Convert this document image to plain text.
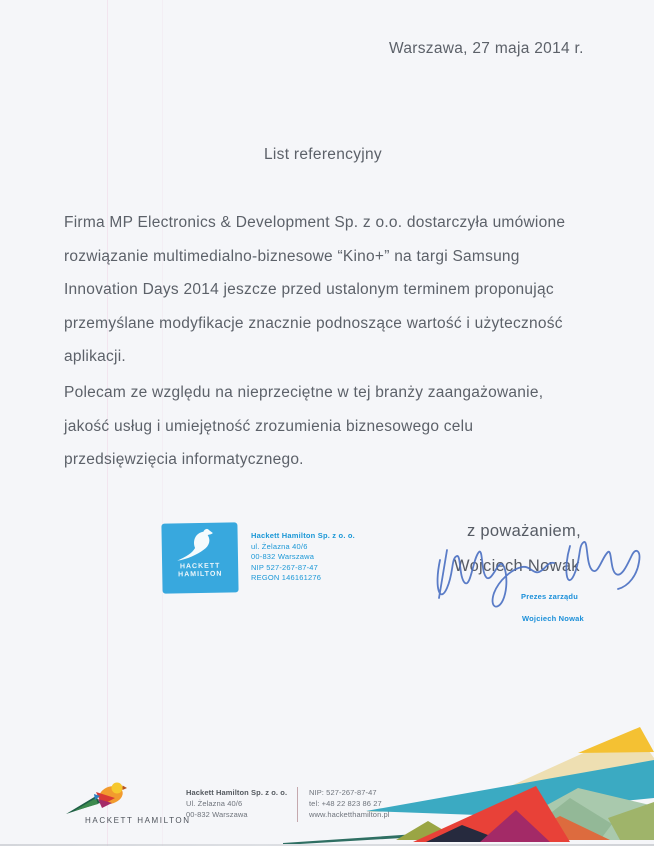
Warszawa, 27 maja 2014 r.
List referencyjny
Firma MP Electronics & Development Sp. z o.o. dostarczyła umówione
rozwiązanie multimedialno-biznesowe “Kino+” na targi Samsung
Innovation Days 2014 jeszcze przed ustalonym terminem proponując
przemyślane modyfikacje znacznie podnoszące wartość i użyteczność
aplikacji.
Polecam ze względu na nieprzeciętne w tej branży zaangażowanie,
jakość usług i umiejętność zrozumienia biznesowego celu
przedsięwzięcia informatycznego.
HACKETT
HAMILTON
Hackett Hamilton Sp. z o. o.
ul. Żelazna 40/6
00-832 Warszawa
NIP 527-267-87-47
REGON 146161276
z poważaniem,
Wojciech Nowak
Prezes zarządu
Wojciech Nowak
HACKETT HAMILTON
Hackett Hamilton Sp. z o. o.
Ul. Żelazna 40/6
00-832 Warszawa
NIP: 527-267-87-47
tel: +48 22 823 86 27
www.hacketthamilton.pl
